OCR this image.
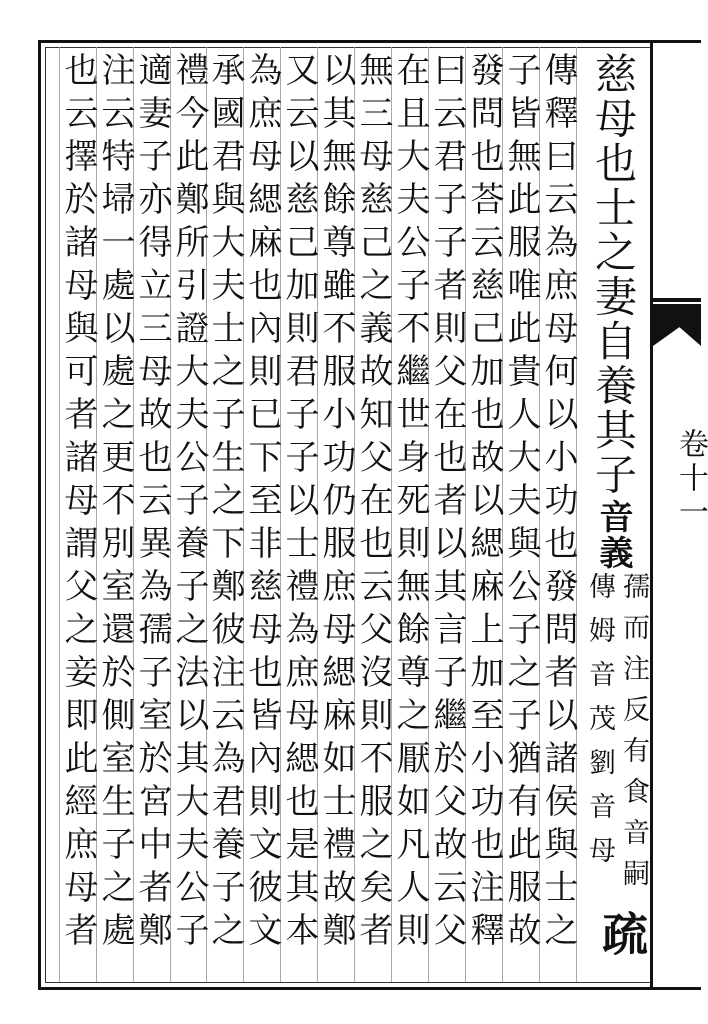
慈母也士之妻自養其子
音義
孺而注反有食音嗣
傳姆音茂劉音母
疏
傳釋曰云為庶母何以小功也發問者以諸侯與士之
子皆無此服唯此貴人大夫與公子之子猶有此服故
發問也荅云慈己加也故以緦麻上加至小功也注釋
曰云君子子者則父在也者以其言子繼於父故云父
在且大夫公子不繼世身死則無餘尊之厭如凡人則
無三母慈己之義故知父在也云父沒則不服之矣者
以其無餘尊雖不服小功仍服庶母緦麻如士禮故鄭
又云以慈己加則君子子以士禮為庶母緦也是其本
為庶母緦麻也內則已下至非慈母也皆內則文彼文
承國君與大夫士之子生之下鄭彼注云為君養子之
禮今此鄭所引證大夫公子養子之法以其大夫公子
適妻子亦得立三母故也云異為孺子室於宮中者鄭
注云特埽一處以處之更不別室還於側室生子之處
也云擇於諸母與可者諸母謂父之妾即此經庶母者	卷十一
